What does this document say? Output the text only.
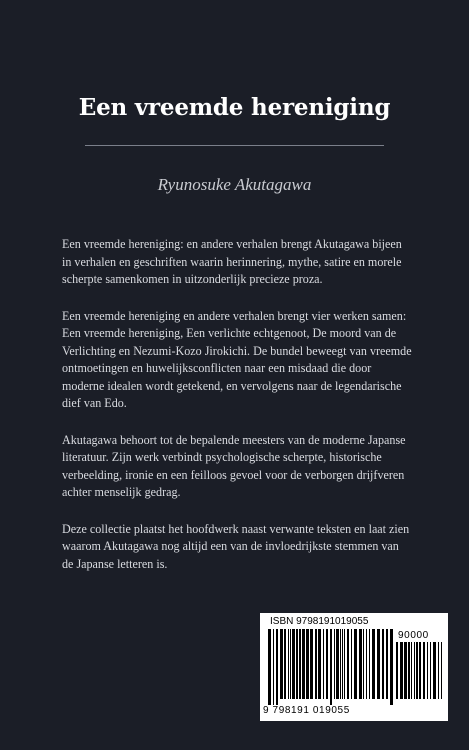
Een vreemde hereniging
Ryunosuke Akutagawa

Een vreemde hereniging: en andere verhalen brengt Akutagawa bijeen in verhalen en geschriften waarin herinnering, mythe, satire en morele scherpte samenkomen in uitzonderlijk precieze proza.

Een vreemde hereniging en andere verhalen brengt vier werken samen: Een vreemde hereniging, Een verlichte echtgenoot, De moord van de Verlichting en Nezumi-Kozo Jirokichi. De bundel beweegt van vreemde ontmoetingen en huwelijksconflicten naar een misdaad die door moderne idealen wordt getekend, en vervolgens naar de legendarische dief van Edo.

Akutagawa behoort tot de bepalende meesters van de moderne Japanse literatuur. Zijn werk verbindt psychologische scherpte, historische verbeelding, ironie en een feilloos gevoel voor de verborgen drijfveren achter menselijk gedrag.

Deze collectie plaatst het hoofdwerk naast verwante teksten en laat zien waarom Akutagawa nog altijd een van de invloedrijkste stemmen van de Japanse letteren is.

ISBN 9798191019055
90000
9 798191 019055
